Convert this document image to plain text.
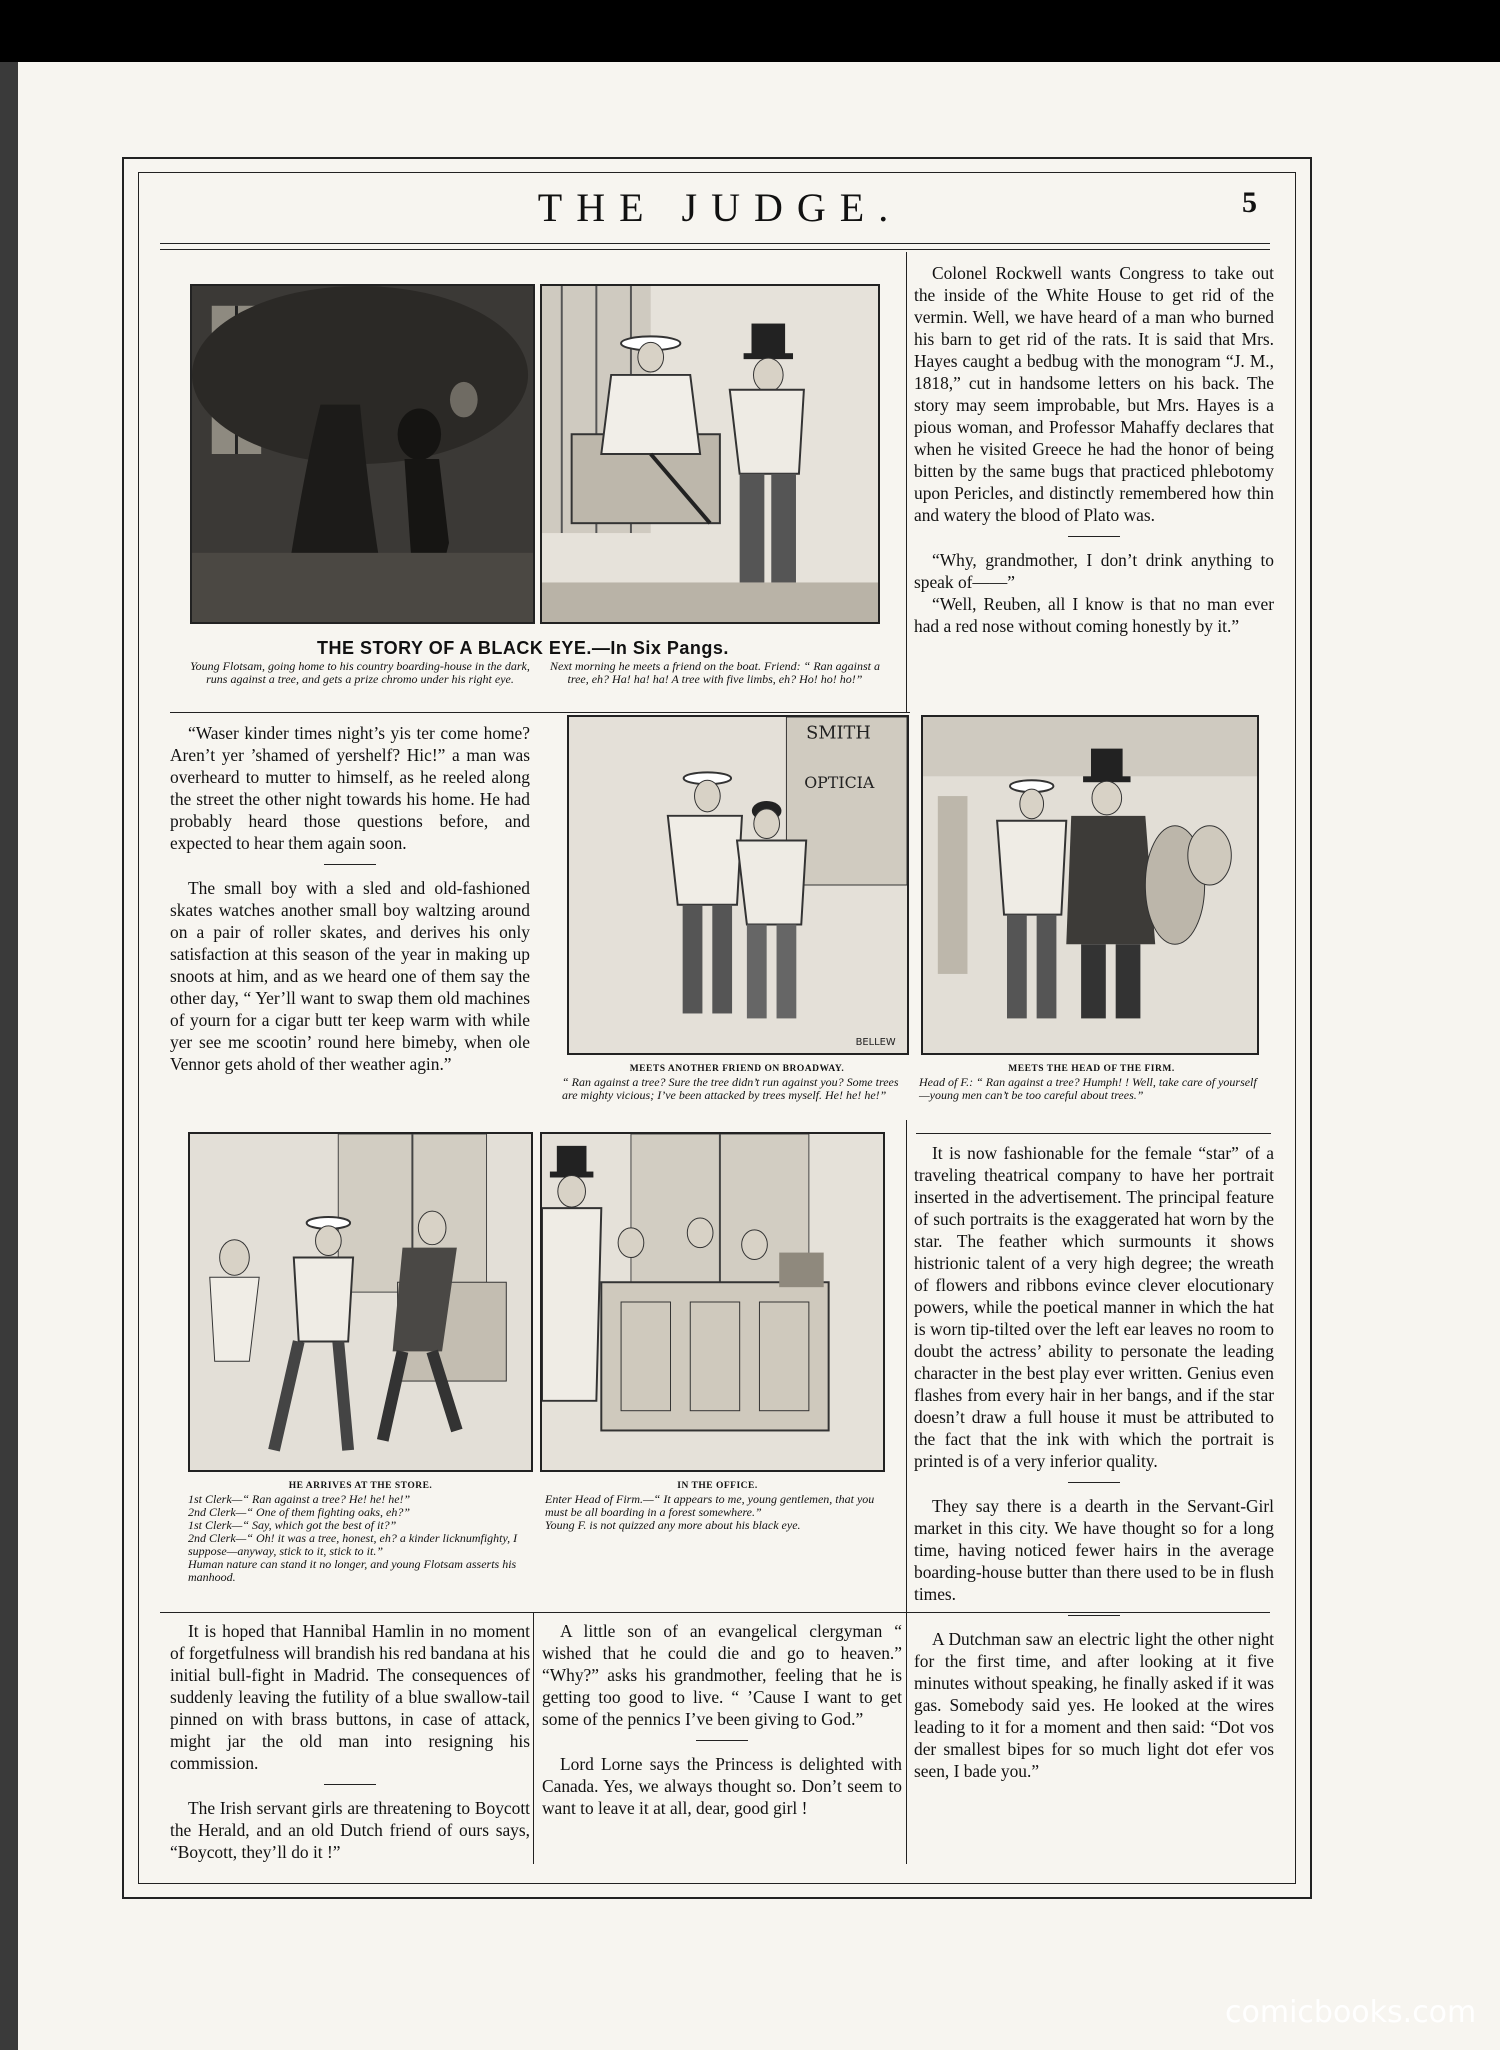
THE JUDGE.	5
THE STORY OF A BLACK EYE.—In Six Pangs.
Young Flotsam, going home to his country boarding-house in the dark, runs against a tree, and gets a prize chromo under his right eye.
Next morning he meets a friend on the boat. Friend: “ Ran against a tree, eh? Ha! ha! ha! A tree with five limbs, eh? Ho! ho! ho!”

Colonel Rockwell wants Congress to take out the inside of the White House to get rid of the vermin. Well, we have heard of a man who burned his barn to get rid of the rats. It is said that Mrs. Hayes caught a bedbug with the monogram “J. M., 1818,” cut in handsome letters on his back. The story may seem improbable, but Mrs. Hayes is a pious woman, and Professor Mahaffy declares that when he visited Greece he had the honor of being bitten by the same bugs that practiced phlebotomy upon Pericles, and distinctly remembered how thin and watery the blood of Plato was.

“Why, grandmother, I don’t drink anything to speak of——”

“Well, Reuben, all I know is that no man ever had a red nose without coming honestly by it.”

“Waser kinder times night’s yis ter come home? Aren’t yer ’shamed of yershelf? Hic!” a man was overheard to mutter to himself, as he reeled along the street the other night towards his home. He had probably heard those questions before, and expected to hear them again soon.

The small boy with a sled and old-fashioned skates watches another small boy waltzing around on a pair of roller skates, and derives his only satisfaction at this season of the year in making up snoots at him, and as we heard one of them say the other day, “ Yer’ll want to swap them old machines of yourn for a cigar butt ter keep warm with while yer see me scootin’ round here bimeby, when ole Vennor gets ahold of ther weather agin.”

SMITH
OPTICIA
BELLEW
MEETS ANOTHER FRIEND ON BROADWAY.
“ Ran against a tree? Sure the tree didn’t run against you? Some trees are mighty vicious; I’ve been attacked by trees myself. He! he! he!”
MEETS THE HEAD OF THE FIRM.
Head of F.: “ Ran against a tree? Humph! ! Well, take care of yourself—young men can’t be too careful about trees.”
HE ARRIVES AT THE STORE.
1st Clerk—“ Ran against a tree? He! he! he!”
2nd Clerk—“ One of them fighting oaks, eh?”
1st Clerk—“ Say, which got the best of it?”
2nd Clerk—“ Oh! it was a tree, honest, eh? a kinder licknumfighty, I suppose—anyway, stick to it, stick to it.”
Human nature can stand it no longer, and young Flotsam asserts his manhood.
IN THE OFFICE.
Enter Head of Firm.—“ It appears to me, young gentlemen, that you must be all boarding in a forest somewhere.”
Young F. is not quizzed any more about his black eye.

It is now fashionable for the female “star” of a traveling theatrical company to have her portrait inserted in the advertisement. The principal feature of such portraits is the exaggerated hat worn by the star. The feather which surmounts it shows histrionic talent of a very high degree; the wreath of flowers and ribbons evince clever elocutionary powers, while the poetical manner in which the hat is worn tip-tilted over the left ear leaves no room to doubt the actress’ ability to personate the leading character in the best play ever written. Genius even flashes from every hair in her bangs, and if the star doesn’t draw a full house it must be attributed to the fact that the ink with which the portrait is printed is of a very inferior quality.

They say there is a dearth in the Servant-Girl market in this city. We have thought so for a long time, having noticed fewer hairs in the average boarding-house butter than there used to be in flush times.

A Dutchman saw an electric light the other night for the first time, and after looking at it five minutes without speaking, he finally asked if it was gas. Somebody said yes. He looked at the wires leading to it for a moment and then said: “Dot vos der smallest bipes for so much light dot efer vos seen, I bade you.”

It is hoped that Hannibal Hamlin in no moment of forgetfulness will brandish his red bandana at his initial bull-fight in Madrid. The consequences of suddenly leaving the futility of a blue swallow-tail pinned on with brass buttons, in case of attack, might jar the old man into resigning his commission.

The Irish servant girls are threatening to Boycott the Herald, and an old Dutch friend of ours says, “Boycott, they’ll do it !”

A little son of an evangelical clergyman “ wished that he could die and go to heaven.” “Why?” asks his grandmother, feeling that he is getting too good to live. “ ’Cause I want to get some of the pennics I’ve been giving to God.”

Lord Lorne says the Princess is delighted with Canada. Yes, we always thought so. Don’t seem to want to leave it at all, dear, good girl !

comicbooks.com
